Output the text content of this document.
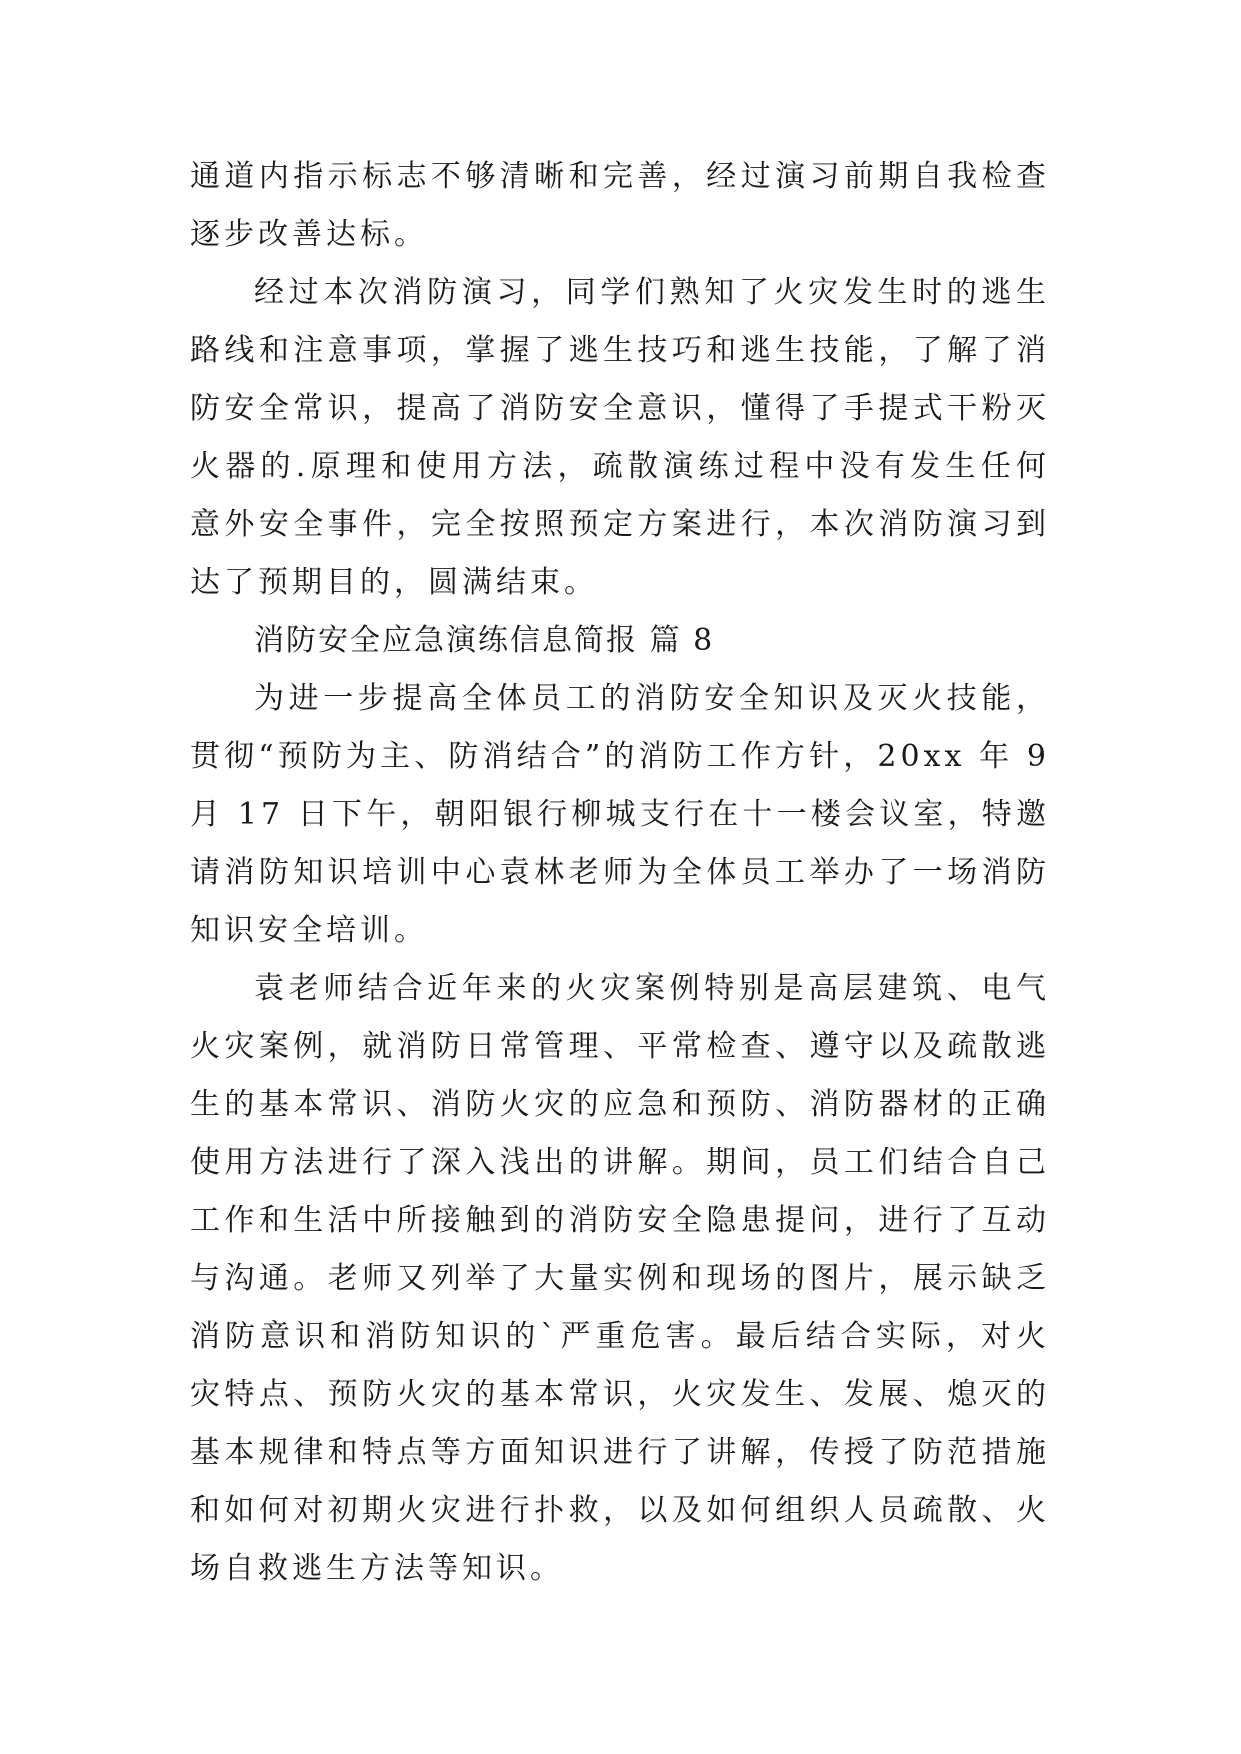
通道内指示标志不够清晰和完善，经过演习前期自我检查逐步改善达标。

经过本次消防演习，同学们熟知了火灾发生时的逃生路线和注意事项，掌握了逃生技巧和逃生技能，了解了消防安全常识，提高了消防安全意识，懂得了手提式干粉灭火器的.原理和使用方法，疏散演练过程中没有发生任何意外安全事件，完全按照预定方案进行，本次消防演习到达了预期目的，圆满结束。

消防安全应急演练信息简报 篇 8

为进一步提高全体员工的消防安全知识及灭火技能，贯彻“预防为主、防消结合”的消防工作方针，20xx 年 9 月 17 日下午，朝阳银行柳城支行在十一楼会议室，特邀请消防知识培训中心袁林老师为全体员工举办了一场消防知识安全培训。

袁老师结合近年来的火灾案例特别是高层建筑、电气火灾案例，就消防日常管理、平常检查、遵守以及疏散逃生的基本常识、消防火灾的应急和预防、消防器材的正确使用方法进行了深入浅出的讲解。期间，员工们结合自己工作和生活中所接触到的消防安全隐患提问，进行了互动与沟通。老师又列举了大量实例和现场的图片，展示缺乏消防意识和消防知识的`严重危害。最后结合实际，对火灾特点、预防火灾的基本常识，火灾发生、发展、熄灭的基本规律和特点等方面知识进行了讲解，传授了防范措施和如何对初期火灾进行扑救，以及如何组织人员疏散、火场自救逃生方法等知识。
